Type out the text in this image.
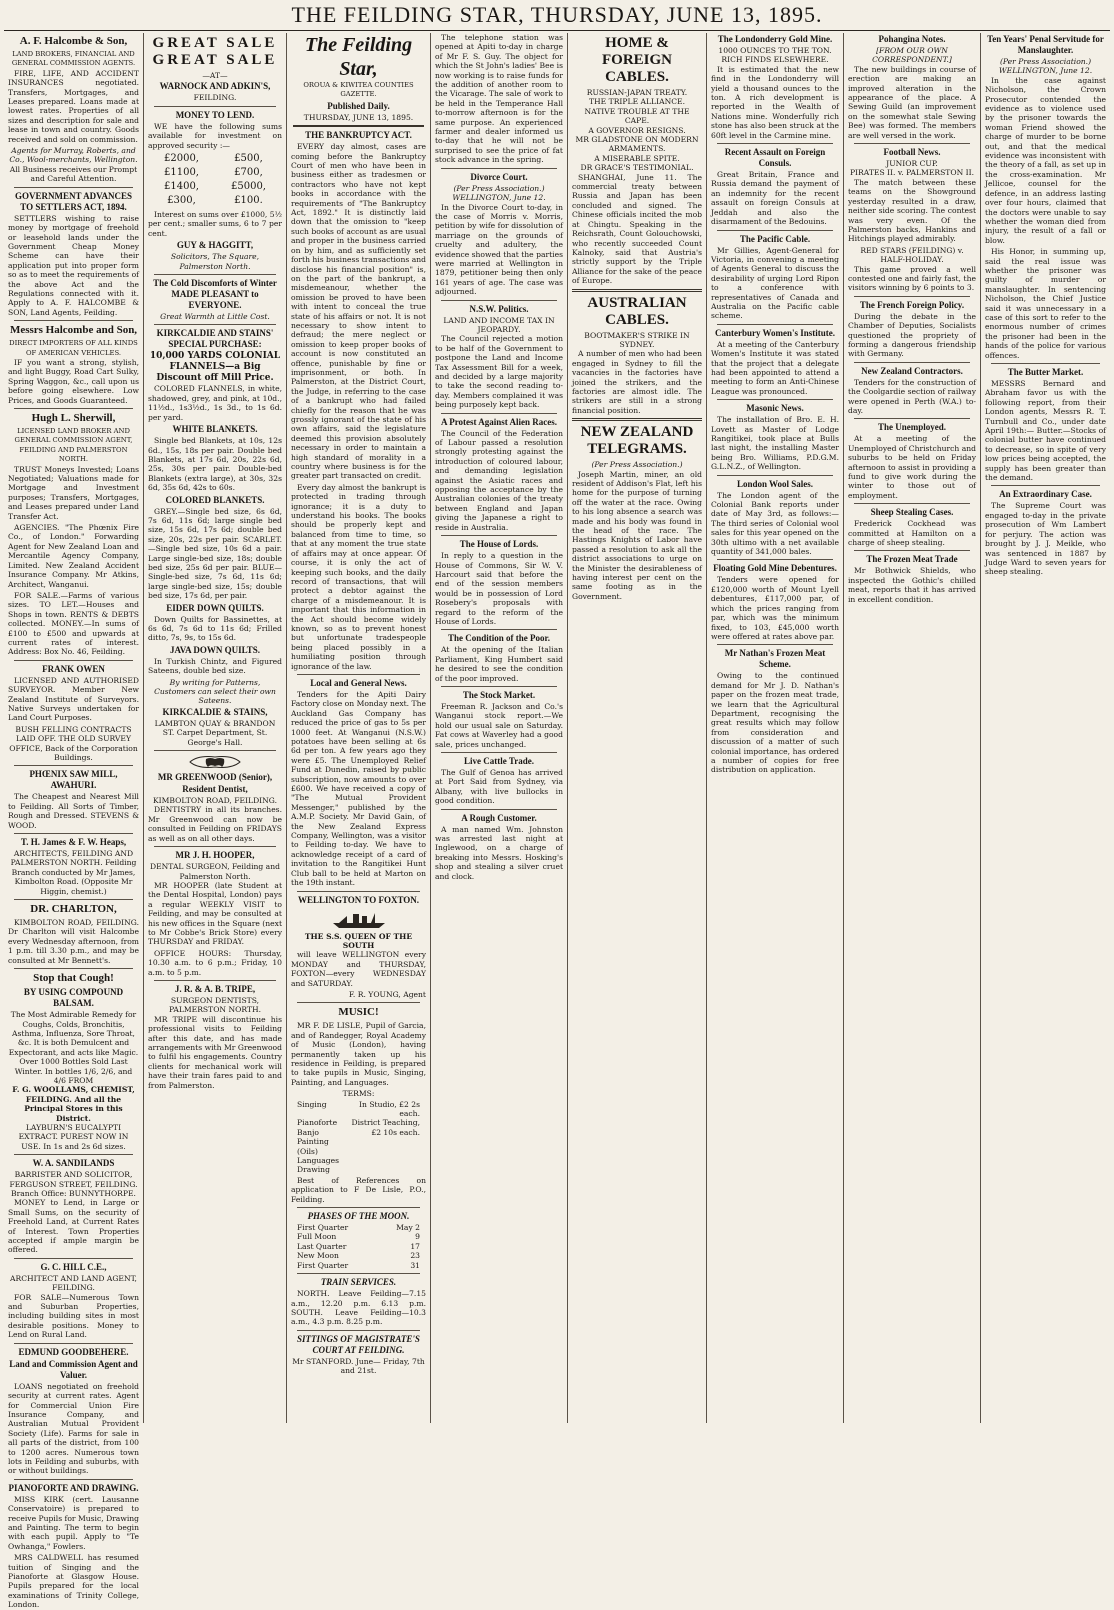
THE FEILDING STAR, THURSDAY, JUNE 13, 1895.
A. F. Halcombe & Son,
LAND BROKERS, FINANCIAL AND GENERAL COMMISSION AGENTS.

FIRE, LIFE, AND ACCIDENT INSURANCES negotiated. Transfers, Mortgages, and Leases prepared. Loans made at lowest rates. Properties of all sizes and description for sale and lease in town and country. Goods received and sold on commission.

Agents for Murray, Roberts, and Co., Wool-merchants, Wellington.

All Business receives our Prompt and Careful Attention.

GOVERNMENT ADVANCES TO SETTLERS ACT, 1894.

SETTLERS wishing to raise money by mortgage of freehold or leasehold lands under the Government Cheap Money Scheme can have their application put into proper form so as to meet the requirements of the above Act and the Regulations connected with it. Apply to A. F. HALCOMBE & SON, Land Agents, Feilding.

Messrs Halcombe and Son,
DIRECT IMPORTERS OF ALL KINDS OF AMERICAN VEHICLES.

IF you want a strong, stylish, and light Buggy, Road Cart Sulky, Spring Waggon, &c., call upon us before going elsewhere. Low Prices, and Goods Guaranteed.

Hugh L. Sherwill,
LICENSED LAND BROKER AND GENERAL COMMISSION AGENT, FEILDING AND PALMERSTON NORTH.

TRUST Moneys Invested; Loans Negotiated; Valuations made for Mortgage and Investment purposes; Transfers, Mortgages, and Leases prepared under Land Transfer Act.

AGENCIES. "The Phœnix Fire Co., of London." Forwarding Agent for New Zealand Loan and Mercantile Agency Company, Limited. New Zealand Accident Insurance Company. Mr Atkins, Architect, Wanganui.

FOR SALE.—Farms of various sizes. TO LET.—Houses and Shops in town. RENTS & DEBTS collected. MONEY.—In sums of £100 to £500 and upwards at current rates of interest. Address: Box No. 46, Feilding.

FRANK OWEN

LICENSED AND AUTHORISED SURVEYOR. Member New Zealand Institute of Surveyors. Native Surveys undertaken for Land Court Purposes.

BUSH FELLING CONTRACTS LAID OFF. THE OLD SURVEY OFFICE, Back of the Corporation Buildings.

PHŒNIX SAW MILL, AWAHURI.

The Cheapest and Nearest Mill to Feilding. All Sorts of Timber, Rough and Dressed. STEVENS & WOOD.

T. H. James & F. W. Heaps,

ARCHITECTS, FEILDING AND PALMERSTON NORTH. Feilding Branch conducted by Mr James, Kimbolton Road. (Opposite Mr Higgin, chemist.)

DR. CHARLTON,

KIMBOLTON ROAD, FEILDING. Dr Charlton will visit Halcombe every Wednesday afternoon, from 1 p.m. till 3.30 p.m., and may be consulted at Mr Bennett's.

Stop that Cough!
BY USING COMPOUND BALSAM.

The Most Admirable Remedy for Coughs, Colds, Bronchitis, Asthma, Influenza, Sore Throat, &c. It is both Demulcent and Expectorant, and acts like Magic. Over 1000 Bottles Sold Last Winter. In bottles 1/6, 2/6, and 4/6 FROM

F. G. WOOLLAMS, CHEMIST, FEILDING. And all the Principal Stores in this District.

LAYBURN'S EUCALYPTI EXTRACT. PUREST NOW IN USE. In 1s and 2s 6d sizes.

W. A. SANDILANDS

BARRISTER AND SOLICITOR, FERGUSON STREET, FEILDING. Branch Office: BUNNYTHORPE.

MONEY to Lend, in Large or Small Sums, on the security of Freehold Land, at Current Rates of Interest. Town Properties accepted if ample margin be offered.

G. C. HILL C.E.,

ARCHITECT AND LAND AGENT, FEILDING.

FOR SALE—Numerous Town and Suburban Properties, including building sites in most desirable positions. Money to Lend on Rural Land.

EDMUND GOODBEHERE.
Land and Commission Agent and Valuer.

LOANS negotiated on freehold security at current rates. Agent for Commercial Union Fire Insurance Company, and Australian Mutual Provident Society (Life). Farms for sale in all parts of the district, from 100 to 1200 acres. Numerous town lots in Feilding and suburbs, with or without buildings.

PIANOFORTE AND DRAWING.

MISS KIRK (cert. Lausanne Conservatoire) is prepared to receive Pupils for Music, Drawing and Painting. The term to begin with each pupil. Apply to "Te Owhanga," Fowlers.

MRS CALDWELL has resumed tuition of Singing and the Pianoforte at Glasgow House. Pupils prepared for the local examinations of Trinity College, London.

GREAT SALE GREAT SALE

—AT—

WARNOCK AND ADKIN'S,

FEILDING.

MONEY TO LEND.

WE have the following sums available for investment on approved security :—

£2000,	£500,
£1100,	£700,
£1400,	£5000,
£300,	£100.

Interest on sums over £1000, 5½ per cent.; smaller sums, 6 to 7 per cent.

GUY & HAGGITT,

Solicitors, The Square, Palmerston North.

The Cold Discomforts of Winter MADE PLEASANT to EVERYONE.

Great Warmth at Little Cost.

KIRKCALDIE AND STAINS' SPECIAL PURCHASE:

10,000 YARDS COLONIAL FLANNELS—a Big Discount off Mill Price.

COLORED FLANNELS, in white, shadowed, grey, and pink, at 10d., 11½d., 1s3½d., 1s 3d., to 1s 6d. per yard.

WHITE BLANKETS.

Single bed Blankets, at 10s, 12s 6d., 15s, 18s per pair. Double bed Blankets, at 17s 6d, 20s, 22s 6d, 25s, 30s per pair. Double-bed Blankets (extra large), at 30s, 32s 6d, 35s 6d, 42s to 60s.

COLORED BLANKETS.

GREY.—Single bed size, 6s 6d, 7s 6d, 11s 6d; large single bed size, 15s 6d, 17s 6d; double bed size, 20s, 22s per pair. SCARLET.—Single bed size, 10s 6d a pair. Large single-bed size, 18s; double bed size, 25s 6d per pair. BLUE—Single-bed size, 7s 6d, 11s 6d; large single-bed size, 15s; double bed size, 17s 6d, per pair.

EIDER DOWN QUILTS.

Down Quilts for Bassinettes, at 6s 6d, 7s 6d to 11s 6d; Frilled ditto, 7s, 9s, to 15s 6d.

JAVA DOWN QUILTS.

In Turkish Chintz, and Figured Sateens, double bed size.

By writing for Patterns, Customers can select their own Sateens.

KIRKCALDIE & STAINS,

LAMBTON QUAY & BRANDON ST. Carpet Department, St. George's Hall.

MR GREENWOOD (Senior),
Resident Dentist,

KIMBOLTON ROAD, FEILDING.

DENTISTRY in all its branches. Mr Greenwood can now be consulted in Feilding on FRIDAYS as well as on all other days.

MR J. H. HOOPER,

DENTAL SURGEON, Feilding and Palmerston North.

MR HOOPER (late Student at the Dental Hospital, London) pays a regular WEEKLY VISIT to Feilding, and may be consulted at his new offices in the Square (next to Mr Cobbe's Brick Store) every THURSDAY and FRIDAY.

OFFICE HOURS: Thursday, 10.30 a.m. to 6 p.m.; Friday, 10 a.m. to 5 p.m.

J. R. & A. B. TRIPE,

SURGEON DENTISTS, PALMERSTON NORTH.

MR TRIPE will discontinue his professional visits to Feilding after this date, and has made arrangements with Mr Greenwood to fulfil his engagements. Country clients for mechanical work will have their train fares paid to and from Palmerston.

The Feilding Star,

OROUA & KIWITEA COUNTIES GAZETTE.

Published Daily.

THURSDAY, JUNE 13, 1895.

THE BANKRUPTCY ACT.

EVERY day almost, cases are coming before the Bankruptcy Court of men who have been in business either as tradesmen or contractors who have not kept books in accordance with the requirements of "The Bankruptcy Act, 1892." It is distinctly laid down that the omission to "keep such books of account as are usual and proper in the business carried on by him, and as sufficiently set forth his business transactions and disclose his financial position" is, on the part of the bankrupt, a misdemeanour, whether the omission be proved to have been with intent to conceal the true state of his affairs or not. It is not necessary to show intent to defraud; the mere neglect or omission to keep proper books of account is now constituted an offence, punishable by fine or imprisonment, or both. In Palmerston, at the District Court, the Judge, in referring to the case of a bankrupt who had failed chiefly for the reason that he was grossly ignorant of the state of his own affairs, said the legislature deemed this provision absolutely necessary in order to maintain a high standard of morality in a country where business is for the greater part transacted on credit.

Every day almost the bankrupt is protected in trading through ignorance; it is a duty to understand his books. The books should be properly kept and balanced from time to time, so that at any moment the true state of affairs may at once appear. Of course, it is only the act of keeping such books, and the daily record of transactions, that will protect a debtor against the charge of a misdemeanour. It is important that this information in the Act should become widely known, so as to prevent honest but unfortunate tradespeople being placed possibly in a humiliating position through ignorance of the law.

Local and General News.

Tenders for the Apiti Dairy Factory close on Monday next. The Auckland Gas Company has reduced the price of gas to 5s per 1000 feet. At Wanganui (N.S.W.) potatoes have been selling at 6s 6d per ton. A few years ago they were £5. The Unemployed Relief Fund at Dunedin, raised by public subscription, now amounts to over £600. We have received a copy of "The Mutual Provident Messenger," published by the A.M.P. Society. Mr David Gain, of the New Zealand Express Company, Wellington, was a visitor to Feilding to-day. We have to acknowledge receipt of a card of invitation to the Rangitikei Hunt Club ball to be held at Marton on the 19th instant.

WELLINGTON TO FOXTON.

THE S.S. QUEEN OF THE SOUTH

will leave WELLINGTON every MONDAY and THURSDAY, FOXTON—every WEDNESDAY and SATURDAY.

F. R. YOUNG, Agent

MUSIC!

MR F. DE LISLE, Pupil of Garcia, and of Randegger, Royal Academy of Music (London), having permanently taken up his residence in Feilding, is prepared to take pupils in Music, Singing, Painting, and Languages.

TERMS:

Singing	In Studio, £2 2s each.
Pianoforte	District Teaching,
Banjo	£2 10s each.
Painting (Oils)
Languages
Drawing

Best of References on application to F De Lisle, P.O., Feilding.

PHASES OF THE MOON.
First Quarter	May 2
Full Moon	9
Last Quarter	17
New Moon	23
First Quarter	31
TRAIN SERVICES.

NORTH. Leave Feilding—7.15 a.m., 12.20 p.m. 6.13 p.m. SOUTH. Leave Feilding—10.3 a.m., 4.3 p.m. 8.25 p.m.

SITTINGS OF MAGISTRATE'S COURT AT FEILDING.

Mr STANFORD. June— Friday, 7th and 21st.

The telephone station was opened at Apiti to-day in charge of Mr F. S. Guy. The object for which the St John's ladies' Bee is now working is to raise funds for the addition of another room to the Vicarage. The sale of work to be held in the Temperance Hall to-morrow afternoon is for the same purpose. An experienced farmer and dealer informed us to-day that he will not be surprised to see the price of fat stock advance in the spring.

Divorce Court.

(Per Press Association.) WELLINGTON, June 12.

In the Divorce Court to-day, in the case of Morris v. Morris, petition by wife for dissolution of marriage on the grounds of cruelty and adultery, the evidence showed that the parties were married at Wellington in 1879, petitioner being then only 161 years of age. The case was adjourned.

N.S.W. Politics.

LAND AND INCOME TAX IN JEOPARDY.

The Council rejected a motion to be half of the Government to postpone the Land and Income Tax Assessment Bill for a week, and decided by a large majority to take the second reading to-day. Members complained it was being purposely kept back.

A Protest Against Alien Races.

The Council of the Federation of Labour passed a resolution strongly protesting against the introduction of coloured labour, and demanding legislation against the Asiatic races and opposing the acceptance by the Australian colonies of the treaty between England and Japan giving the Japanese a right to reside in Australia.

The House of Lords.

In reply to a question in the House of Commons, Sir W. V. Harcourt said that before the end of the session members would be in possession of Lord Rosebery's proposals with regard to the reform of the House of Lords.

The Condition of the Poor.

At the opening of the Italian Parliament, King Humbert said he desired to see the condition of the poor improved.

The Stock Market.

Freeman R. Jackson and Co.'s Wanganui stock report.—We hold our usual sale on Saturday. Fat cows at Waverley had a good sale, prices unchanged.

Live Cattle Trade.

The Gulf of Genoa has arrived at Port Said from Sydney, via Albany, with live bullocks in good condition.

A Rough Customer.

A man named Wm. Johnston was arrested last night at Inglewood, on a charge of breaking into Messrs. Hosking's shop and stealing a silver cruet and clock.

HOME & FOREIGN CABLES.

RUSSIAN-JAPAN TREATY.

THE TRIPLE ALLIANCE.

NATIVE TROUBLE AT THE CAPE.

A GOVERNOR RESIGNS.

MR GLADSTONE ON MODERN ARMAMENTS.

A MISERABLE SPITE.

DR GRACE'S TESTIMONIAL.

SHANGHAI, June 11. The commercial treaty between Russia and Japan has been concluded and signed. The Chinese officials incited the mob at Chingtu. Speaking in the Reichsrath, Count Golouchowski, who recently succeeded Count Kalnoky, said that Austria's strictly support by the Triple Alliance for the sake of the peace of Europe.

AUSTRALIAN CABLES.

BOOTMAKER'S STRIKE IN SYDNEY.

A number of men who had been engaged in Sydney to fill the vacancies in the factories have joined the strikers, and the factories are almost idle. The strikers are still in a strong financial position.

NEW ZEALAND TELEGRAMS.

(Per Press Association.)

Joseph Martin, miner, an old resident of Addison's Flat, left his home for the purpose of turning off the water at the race. Owing to his long absence a search was made and his body was found in the head of the race. The Hastings Knights of Labor have passed a resolution to ask all the district associations to urge on the Minister the desirableness of having interest per cent on the same footing as in the Government.

The Londonderry Gold Mine.

1000 OUNCES TO THE TON. RICH FINDS ELSEWHERE.

It is estimated that the new find in the Londonderry will yield a thousand ounces to the ton. A rich development is reported in the Wealth of Nations mine. Wonderfully rich stone has also been struck at the 60ft level in the Carmine mine.

Recent Assault on Foreign Consuls.

Great Britain, France and Russia demand the payment of an indemnity for the recent assault on foreign Consuls at Jeddah and also the disarmament of the Bedouins.

The Pacific Cable.

Mr Gillies, Agent-General for Victoria, in convening a meeting of Agents General to discuss the desirability of urging Lord Ripon to a conference with representatives of Canada and Australia on the Pacific cable scheme.

Canterbury Women's Institute.

At a meeting of the Canterbury Women's Institute it was stated that the project that a delegate had been appointed to attend a meeting to form an Anti-Chinese League was pronounced.

Masonic News.

The installation of Bro. E. H. Lovett as Master of Lodge Rangitikei, took place at Bulls last night, the installing Master being Bro. Williams, P.D.G.M. G.L.N.Z., of Wellington.

London Wool Sales.

The London agent of the Colonial Bank reports under date of May 3rd, as follows:—The third series of Colonial wool sales for this year opened on the 30th ultimo with a net available quantity of 341,000 bales.

Floating Gold Mine Debentures.

Tenders were opened for £120,000 worth of Mount Lyell debentures, £117,000 par, of which the prices ranging from par, which was the minimum fixed, to 103, £45,000 worth were offered at rates above par.

Mr Nathan's Frozen Meat Scheme.

Owing to the continued demand for Mr J. D. Nathan's paper on the frozen meat trade, we learn that the Agricultural Department, recognising the great results which may follow from consideration and discussion of a matter of such colonial importance, has ordered a number of copies for free distribution on application.

Pohangina Notes.

[FROM OUR OWN CORRESPONDENT.]

The new buildings in course of erection are making an improved alteration in the appearance of the place. A Sewing Guild (an improvement on the somewhat stale Sewing Bee) was formed. The members are well versed in the work.

Football News.

JUNIOR CUP.

PIRATES II. v. PALMERSTON II.

The match between these teams on the Showground yesterday resulted in a draw, neither side scoring. The contest was very even. Of the Palmerston backs, Hankins and Hitchings played admirably.

RED STARS (FEILDING) v. HALF-HOLIDAY.

This game proved a well contested one and fairly fast, the visitors winning by 6 points to 3.

The French Foreign Policy.

During the debate in the Chamber of Deputies, Socialists questioned the propriety of forming a dangerous friendship with Germany.

New Zealand Contractors.

Tenders for the construction of the Coolgardie section of railway were opened in Perth (W.A.) to-day.

The Unemployed.

At a meeting of the Unemployed of Christchurch and suburbs to be held on Friday afternoon to assist in providing a fund to give work during the winter to those out of employment.

Sheep Stealing Cases.

Frederick Cockhead was committed at Hamilton on a charge of sheep stealing.

The Frozen Meat Trade

Mr Bothwick Shields, who inspected the Gothic's chilled meat, reports that it has arrived in excellent condition.

Ten Years' Penal Servitude for Manslaughter.

(Per Press Association.) WELLINGTON, June 12.

In the case against Nicholson, the Crown Prosecutor contended the evidence as to violence used by the prisoner towards the woman Friend showed the charge of murder to be borne out, and that the medical evidence was inconsistent with the theory of a fall, as set up in the cross-examination. Mr Jellicoe, counsel for the defence, in an address lasting over four hours, claimed that the doctors were unable to say whether the woman died from injury, the result of a fall or blow.

His Honor, in summing up, said the real issue was whether the prisoner was guilty of murder or manslaughter. In sentencing Nicholson, the Chief Justice said it was unnecessary in a case of this sort to refer to the enormous number of crimes the prisoner had been in the hands of the police for various offences.

The Butter Market.

MESSRS Bernard and Abraham favor us with the following report, from their London agents, Messrs R. T. Turnbull and Co., under date April 19th:— Butter.—Stocks of colonial butter have continued to decrease, so in spite of very low prices being accepted, the supply has been greater than the demand.

An Extraordinary Case.

The Supreme Court was engaged to-day in the private prosecution of Wm Lambert for perjury. The action was brought by J. J. Meikle, who was sentenced in 1887 by Judge Ward to seven years for sheep stealing.
